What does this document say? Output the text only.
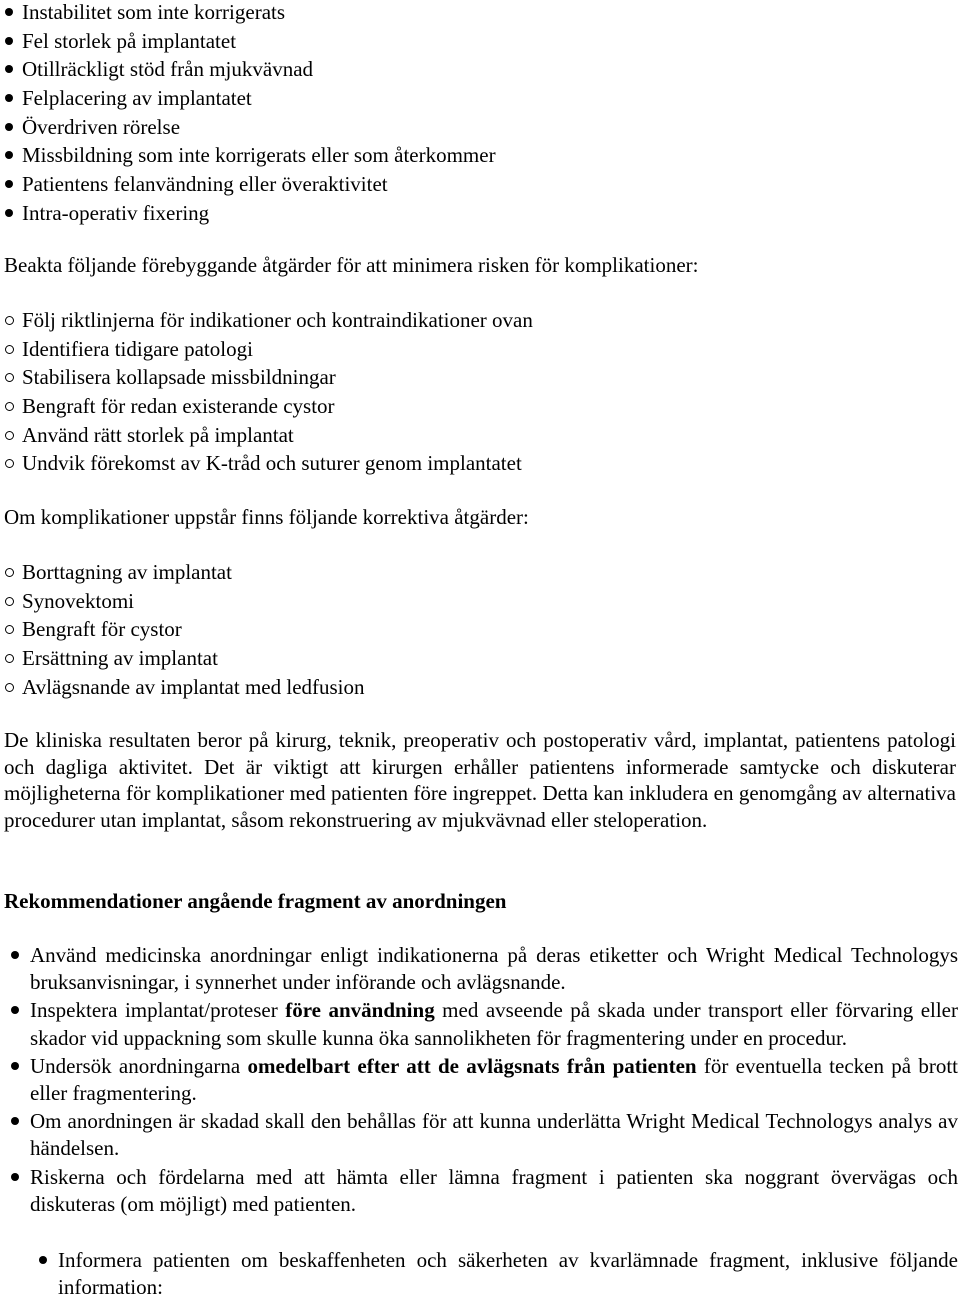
Instabilitet som inte korrigerats
Fel storlek på implantatet
Otillräckligt stöd från mjukvävnad
Felplacering av implantatet
Överdriven rörelse
Missbildning som inte korrigerats eller som återkommer
Patientens felanvändning eller överaktivitet
Intra-operativ fixering
Beakta följande förebyggande åtgärder för att minimera risken för komplikationer:
Följ riktlinjerna för indikationer och kontraindikationer ovan
Identifiera tidigare patologi
Stabilisera kollapsade missbildningar
Bengraft för redan existerande cystor
Använd rätt storlek på implantat
Undvik förekomst av K-tråd och suturer genom implantatet
Om komplikationer uppstår finns följande korrektiva åtgärder:
Borttagning av implantat
Synovektomi
Bengraft för cystor
Ersättning av implantat
Avlägsnande av implantat med ledfusion
De kliniska resultaten beror på kirurg, teknik, preoperativ och postoperativ vård, implantat, patientens patologi och dagliga aktivitet. Det är viktigt att kirurgen erhåller patientens informerade samtycke och diskuterar möjligheterna för komplikationer med patienten före ingreppet. Detta kan inkludera en genomgång av alternativa procedurer utan implantat, såsom rekonstruering av mjukvävnad eller steloperation.
Rekommendationer angående fragment av anordningen
Använd medicinska anordningar enligt indikationerna på deras etiketter och Wright Medical Technologys bruksanvisningar, i synnerhet under införande och avlägsnande.
Inspektera implantat/proteser före användning med avseende på skada under transport eller förvaring eller skador vid uppackning som skulle kunna öka sannolikheten för fragmentering under en procedur.
Undersök anordningarna omedelbart efter att de avlägsnats från patienten för eventuella tecken på brott eller fragmentering.
Om anordningen är skadad skall den behållas för att kunna underlätta Wright Medical Technologys analys av händelsen.
Riskerna och fördelarna med att hämta eller lämna fragment i patienten ska noggrant övervägas och diskuteras (om möjligt) med patienten.
Informera patienten om beskaffenheten och säkerheten av kvarlämnade fragment, inklusive följande information:
